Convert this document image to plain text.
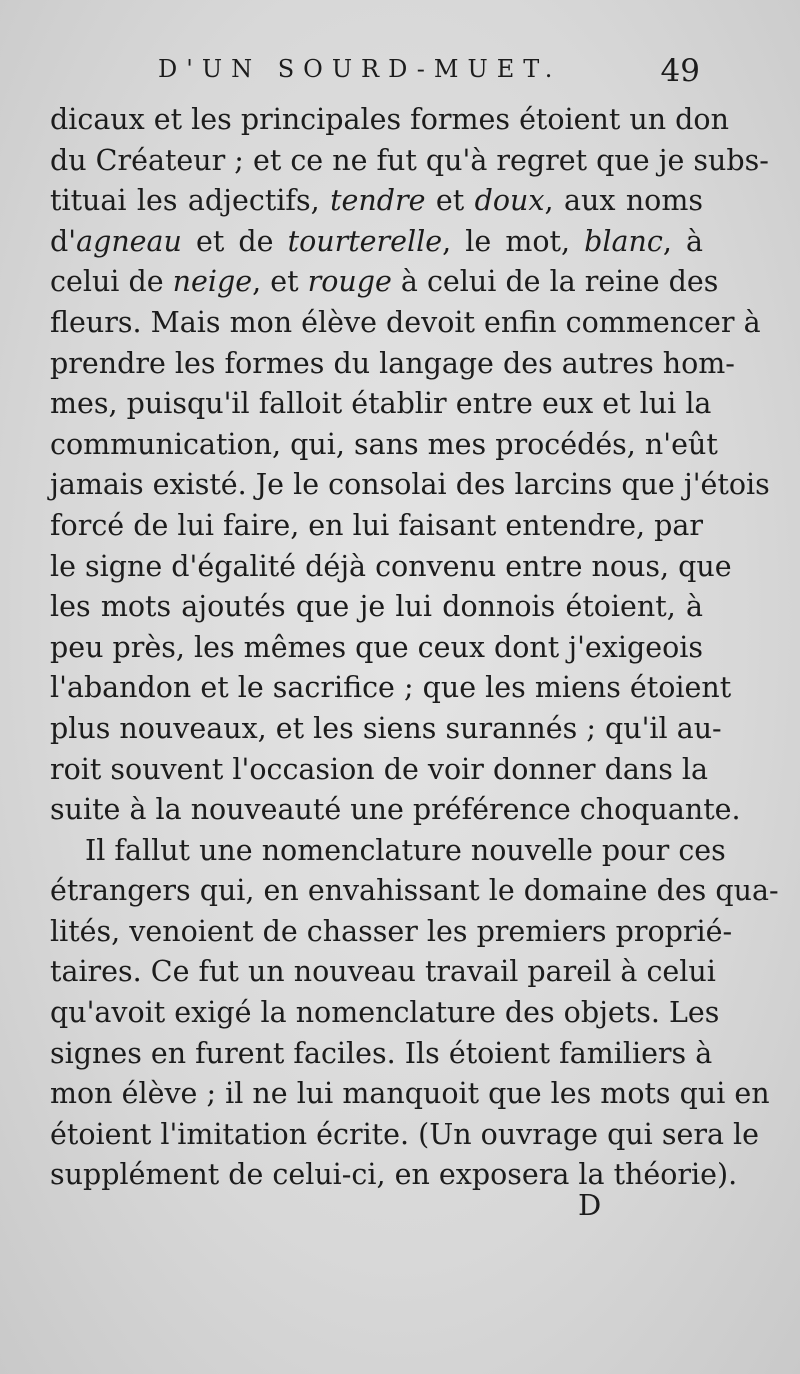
D'UN SOURD-MUET.	49
dicaux et les principales formes étoient un don
du Créateur ; et ce ne fut qu'à regret que je subs-
tituai les adjectifs, tendre et doux, aux noms
d'agneau et de tourterelle, le mot, blanc, à
celui de neige, et rouge à celui de la reine des
fleurs. Mais mon élève devoit enfin commencer à
prendre les formes du langage des autres hom-
mes, puisqu'il falloit établir entre eux et lui la
communication, qui, sans mes procédés, n'eût
jamais existé. Je le consolai des larcins que j'étois
forcé de lui faire, en lui faisant entendre, par
le signe d'égalité déjà convenu entre nous, que
les mots ajoutés que je lui donnois étoient, à
peu près, les mêmes que ceux dont j'exigeois
l'abandon et le sacrifice ; que les miens étoient
plus nouveaux, et les siens surannés ; qu'il au-
roit souvent l'occasion de voir donner dans la
suite à la nouveauté une préférence choquante.
Il fallut une nomenclature nouvelle pour ces
étrangers qui, en envahissant le domaine des qua-
lités, venoient de chasser les premiers proprié-
taires. Ce fut un nouveau travail pareil à celui
qu'avoit exigé la nomenclature des objets. Les
signes en furent faciles. Ils étoient familiers à
mon élève ; il ne lui manquoit que les mots qui en
étoient l'imitation écrite. (Un ouvrage qui sera le
supplément de celui-ci, en exposera la théorie).
D
